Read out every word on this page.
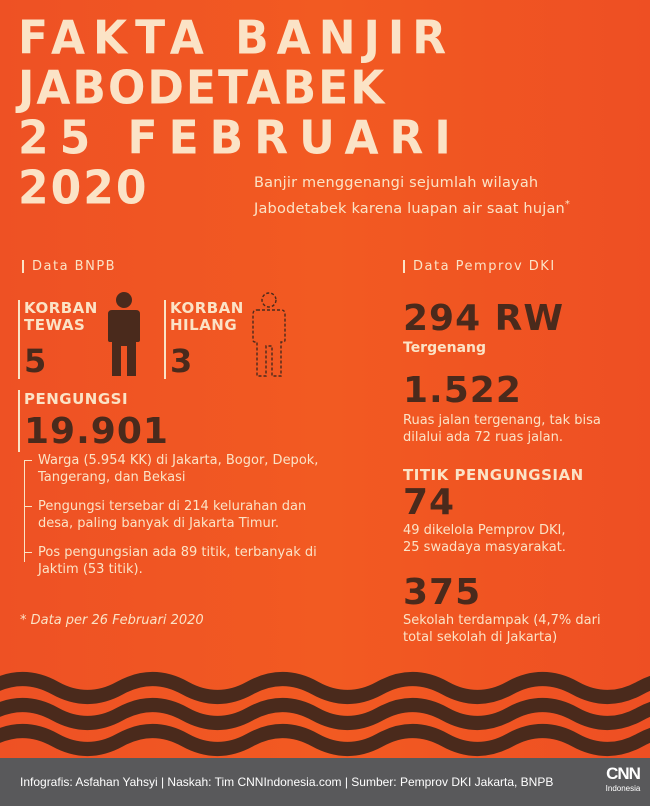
FAKTA BANJIR
JABODETABEK
25 FEBRUARI
2020	Banjir menggenangi sejumlah wilayah
Jabodetabek karena luapan air saat hujan*
Data BNPB
KORBAN
TEWAS
5
KORBAN
HILANG
3
PENGUNGSI
19.901
Warga (5.954 KK) di Jakarta, Bogor, Depok, Tangerang, dan Bekasi
Pengungsi tersebar di 214 kelurahan dan desa, paling banyak di Jakarta Timur.
Pos pengungsian ada 89 titik, terbanyak di Jaktim (53 titik).
* Data per 26 Februari 2020
Data Pemprov DKI
294 RW
Tergenang
1.522
Ruas jalan tergenang, tak bisa dilalui ada 72 ruas jalan.
TITIK PENGUNGSIAN
74
49 dikelola Pemprov DKI,
25 swadaya masyarakat.
375
Sekolah terdampak (4,7% dari total sekolah di Jakarta)
Infografis: Asfahan Yahsyi | Naskah: Tim CNNIndonesia.com | Sumber: Pemprov DKI Jakarta, BNPB	CNN
Indonesia
